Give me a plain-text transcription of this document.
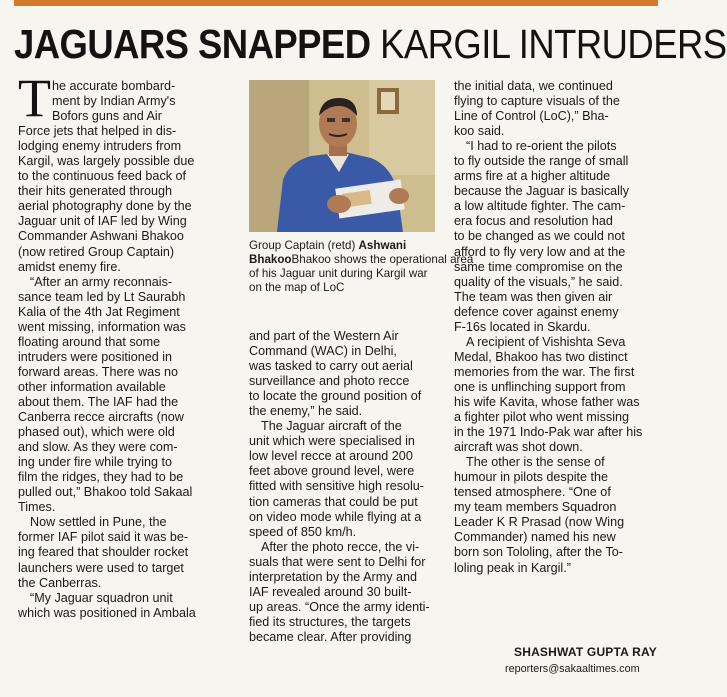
JAGUARS SNAPPED KARGIL INTRUDERS
T he accurate bombard-
ment by Indian Army's
Bofors guns and Air
Force jets that helped in dis-
lodging enemy intruders from
Kargil, was largely possible due
to the continuous feed back of
their hits generated through
aerial photography done by the
Jaguar unit of IAF led by Wing
Commander Ashwani Bhakoo
(now retired Group Captain)
amidst enemy fire.
“After an army reconnais-
sance team led by Lt Saurabh
Kalia of the 4th Jat Regiment
went missing, information was
floating around that some
intruders were positioned in
forward areas. There was no
other information available
about them. The IAF had the
Canberra recce aircrafts (now
phased out), which were old
and slow. As they were com-
ing under fire while trying to
film the ridges, they had to be
pulled out,” Bhakoo told Sakaal
Times.
Now settled in Pune, the
former IAF pilot said it was be-
ing feared that shoulder rocket
launchers were used to target
the Canberras.
“My Jaguar squadron unit
which was positioned in Ambala
Group Captain (retd) Ashwani
BhakooBhakoo shows the operational area
of his Jaguar unit during Kargil war
on the map of LoC
and part of the Western Air
Command (WAC) in Delhi,
was tasked to carry out aerial
surveillance and photo recce
to locate the ground position of
the enemy,” he said.
The Jaguar aircraft of the
unit which were specialised in
low level recce at around 200
feet above ground level, were
fitted with sensitive high resolu-
tion cameras that could be put
on video mode while flying at a
speed of 850 km/h.
After the photo recce, the vi-
suals that were sent to Delhi for
interpretation by the Army and
IAF revealed around 30 built-
up areas. “Once the army identi-
fied its structures, the targets
became clear. After providing
the initial data, we continued
flying to capture visuals of the
Line of Control (LoC),” Bha-
koo said.
“I had to re-orient the pilots
to fly outside the range of small
arms fire at a higher altitude
because the Jaguar is basically
a low altitude fighter. The cam-
era focus and resolution had
to be changed as we could not
afford to fly very low and at the
same time compromise on the
quality of the visuals,” he said.
The team was then given air
defence cover against enemy
F-16s located in Skardu.
A recipient of Vishishta Seva
Medal, Bhakoo has two distinct
memories from the war. The first
one is unflinching support from
his wife Kavita, whose father was
a fighter pilot who went missing
in the 1971 Indo-Pak war after his
aircraft was shot down.
The other is the sense of
humour in pilots despite the
tensed atmosphere. “One of
my team members Squadron
Leader K R Prasad (now Wing
Commander) named his new
born son Tololing, after the To-
loling peak in Kargil.”
SHASHWAT GUPTA RAY
reporters@sakaaltimes.com
